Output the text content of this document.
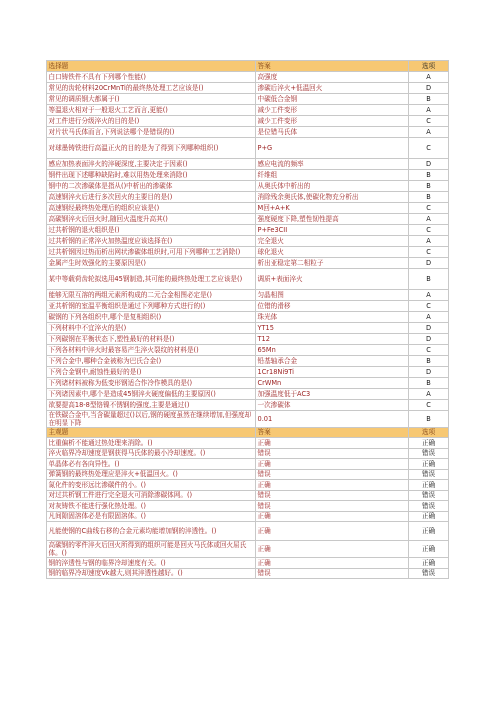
选择题	答案	选项
白口铸铁件不具有下列哪个性能()	高强度	A
常见的齿轮材料20CrMnTi的最终热处理工艺应该是()	渗碳后淬火+低温回火	D
常见的调质钢大都属于()	中碳低合金钢	B
等温退火相对于一般退火工艺而言,更能()	减少工件变形	A
对工件进行分级淬火的目的是()	减少工件变形	C
对片状马氏体而言,下列说法哪个是错误的()	是位错马氏体	A
对球墨铸铁进行高温正火的目的是为了得到下列哪种组织()	P+G	C
感应加热表面淬火的淬硬深度,主要决定于因素()	感应电流的频率	D
钢件出现下述哪种缺陷时,难以用热处理来消除()	纤维组	B
钢中的二次渗碳体是指从()中析出的渗碳体	从奥氏体中析出的	B
高速钢淬火后进行多次回火的主要目的是()	消除残余奥氏体,使碳化物充分析出	B
高速钢经最终热处理后的组织应该是()	M回+A+K	C
高碳钢淬火后回火时,随回火温度升高其()	强度硬度下降,塑性韧性提高	A
过共析钢的退火组织是()	P+Fe3CII	C
过共析钢的正常淬火加热温度应该选择在()	完全退火	A
过共析钢因过热而析出网状渗碳体组织时,可用下列哪种工艺消除()	球化退火	C
金属产生时效强化的主要原因是()	析出亚稳定第二相粒子	D
某中等载荷齿轮拟选用45钢制造,其可能的最终热处理工艺应该是()	调质+表面淬火	B
能够无限互溶的两组元素所构成的二元合金相图必定是()	匀晶相图	A
亚共析钢的室温平衡组织是通过下列哪种方式进行的()	位错的滑移	C
碳钢的下列各组织中,哪个是复相组织()	珠光体	A
下列材料中不宜淬火的是()	YT15	D
下列碳钢在平衡状态下,塑性最好的材料是()	T12	D
下列各材料中淬火时最容易产生淬火裂纹的材料是()	65Mn	C
下列合金中,哪种合金被称为巴氏合金()	铅基轴承合金	B
下列合金钢中,耐蚀性最好的是()	1Cr18Ni9Ti	D
下列诸材料被称为低变形钢适合作冷作模具的是()	CrWMn	B
下列诸因素中,哪个是造成45钢淬火硬度偏低的主要原因()	加强温度低于AC3	A
欲要提高18-8型铬镍不锈钢的强度,主要是通过()	一次渗碳体	C
在铁碳合金中,当含碳量超过()以后,钢的硬度虽然在继续增加,但强度却在明显下降	0.01	B
主观题	答案	选项
比重偏析不能通过热处理来消除。()	正确	正确
淬火临界冷却速度是钢获得马氏体的最小冷却速度。()	错误	错误
单晶体必有各向异性。()	正确	正确
弹簧钢的最终热处理应是淬火+低温回火。()	错误	错误
氮化件的变形远比渗碳件的小。()	正确	正确
对过共析钢工件进行完全退火可消除渗碳体网。()	错误	错误
对灰铸铁不能进行强化热处理。()	错误	错误
凡间隙固溶体必是有限固溶体。()	正确	正确
凡能使钢的C曲线右移的合金元素均能增加钢的淬透性。()	正确	正确
高碳钢的零件淬火后回火所得到的组织可能是回火马氏体或回火屈氏体。()	正确	正确
钢的淬透性与钢的临界冷却速度有关。()	正确	正确
钢的临界冷却速度Vk越大,则其淬透性越好。()	错误	错误
